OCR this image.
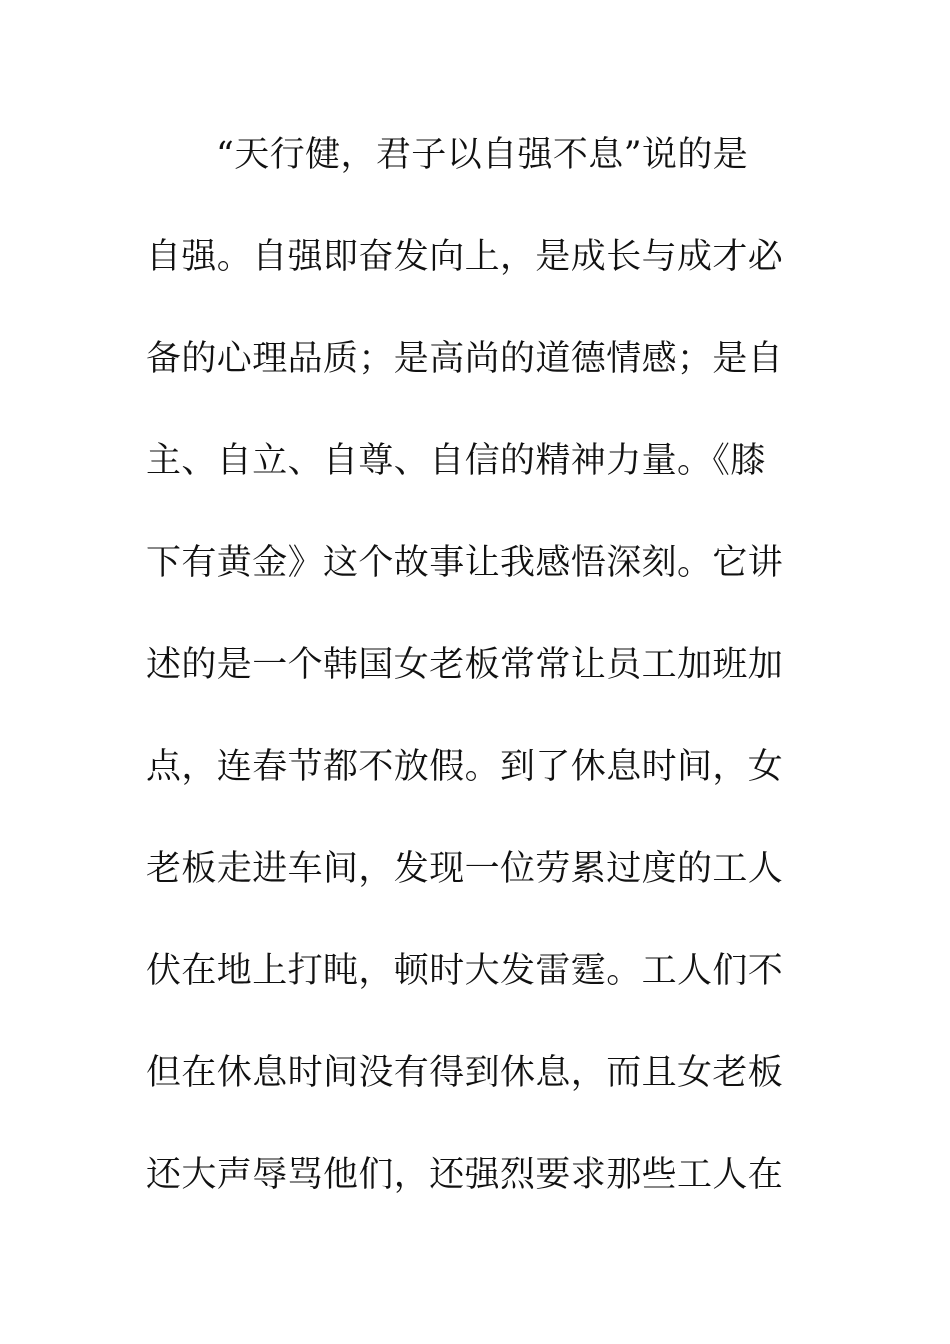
“天行健，君子以自强不息”说的是
自强。自强即奋发向上，是成长与成才必
备的心理品质；是高尚的道德情感；是自
主、自立、自尊、自信的精神力量。《膝
下有黄金》这个故事让我感悟深刻。它讲
述的是一个韩国女老板常常让员工加班加
点，连春节都不放假。到了休息时间，女
老板走进车间，发现一位劳累过度的工人
伏在地上打盹，顿时大发雷霆。工人们不
但在休息时间没有得到休息，而且女老板
还大声辱骂他们，还强烈要求那些工人在
